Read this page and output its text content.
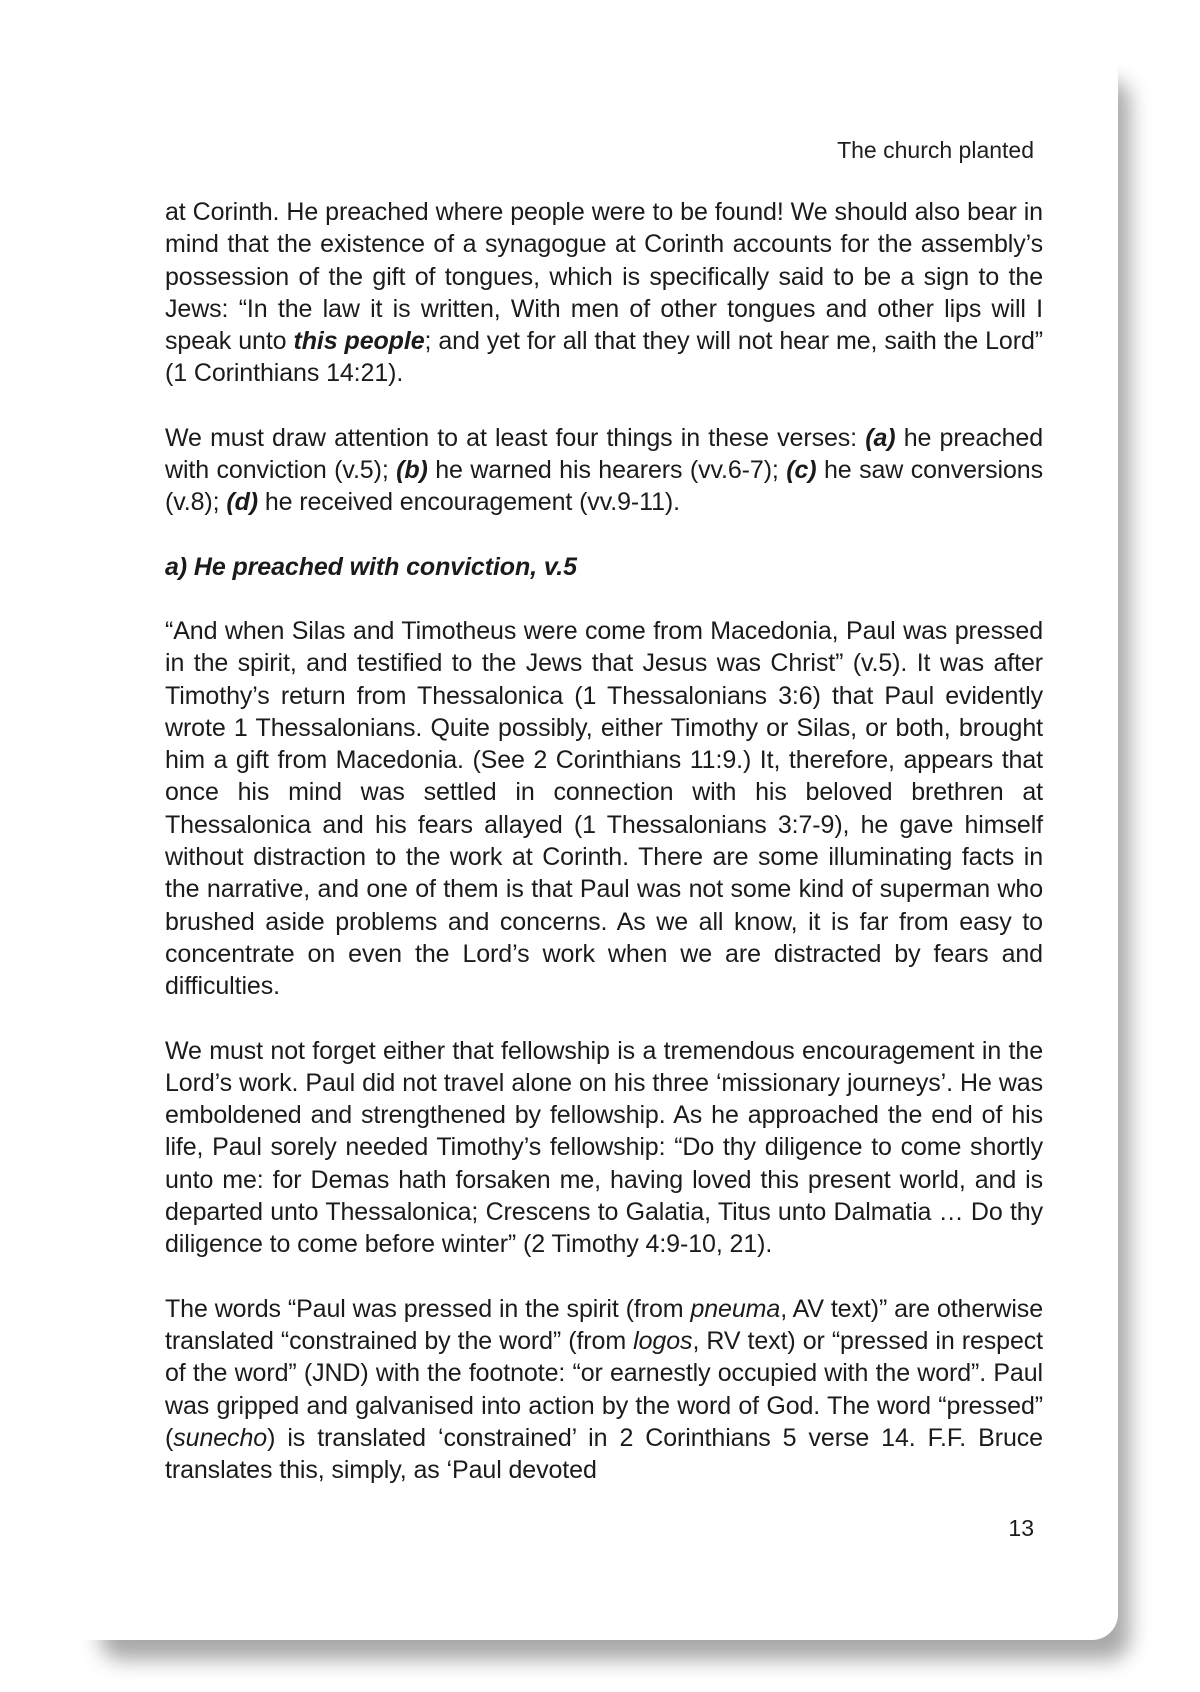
The church planted

at Corinth. He preached where people were to be found! We should also bear in mind that the existence of a synagogue at Corinth accounts for the assembly’s possession of the gift of tongues, which is specifically said to be a sign to the Jews: “In the law it is written, With men of other tongues and other lips will I speak unto this people; and yet for all that they will not hear me, saith the Lord” (1 Corinthians 14:21).

We must draw attention to at least four things in these verses: (a) he preached with conviction (v.5); (b) he warned his hearers (vv.6-7); (c) he saw conversions (v.8); (d) he received encouragement (vv.9-11).

a) He preached with conviction, v.5

“And when Silas and Timotheus were come from Macedonia, Paul was pressed in the spirit, and testified to the Jews that Jesus was Christ” (v.5). It was after Timothy’s return from Thessalonica (1 Thessalonians 3:6) that Paul evidently wrote 1 Thessalonians. Quite possibly, either Timothy or Silas, or both, brought him a gift from Macedonia. (See 2 Corinthians 11:9.) It, therefore, appears that once his mind was settled in connection with his beloved brethren at Thessalonica and his fears allayed (1 Thessalonians 3:7-9), he gave himself without distraction to the work at Corinth. There are some illuminating facts in the narrative, and one of them is that Paul was not some kind of superman who brushed aside problems and concerns. As we all know, it is far from easy to concentrate on even the Lord’s work when we are distracted by fears and difficulties.

We must not forget either that fellowship is a tremendous encouragement in the Lord’s work. Paul did not travel alone on his three ‘missionary journeys’. He was emboldened and strengthened by fellowship. As he approached the end of his life, Paul sorely needed Timothy’s fellowship: “Do thy diligence to come shortly unto me: for Demas hath forsaken me, having loved this present world, and is departed unto Thessalonica; Crescens to Galatia, Titus unto Dalmatia … Do thy diligence to come before winter” (2 Timothy 4:9-10, 21).

The words “Paul was pressed in the spirit (from pneuma, AV text)” are otherwise translated “constrained by the word” (from logos, RV text) or “pressed in respect of the word” (JND) with the footnote: “or earnestly occupied with the word”. Paul was gripped and galvanised into action by the word of God. The word “pressed” (sunecho) is translated ‘constrained’ in 2 Corinthians 5 verse 14. F.F. Bruce translates this, simply, as ‘Paul devoted

13
